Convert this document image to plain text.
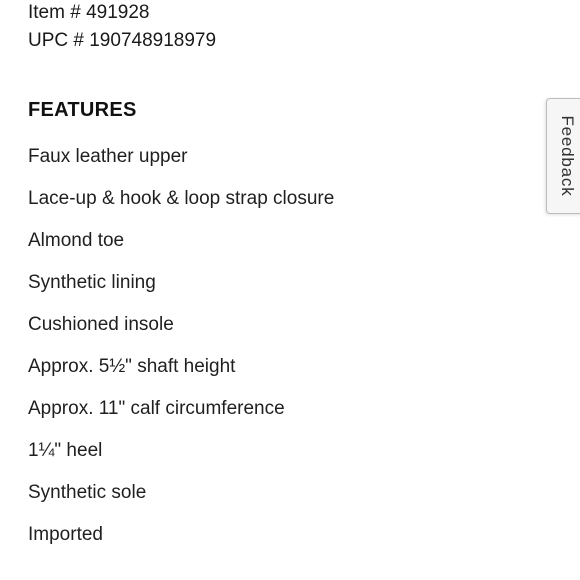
Item # 491928

UPC # 190748918979

FEATURES
Faux leather upper
Lace-up & hook & loop strap closure
Almond toe
Synthetic lining
Cushioned insole
Approx. 5½" shaft height
Approx. 11" calf circumference
1¼" heel
Synthetic sole
Imported
Feedback
